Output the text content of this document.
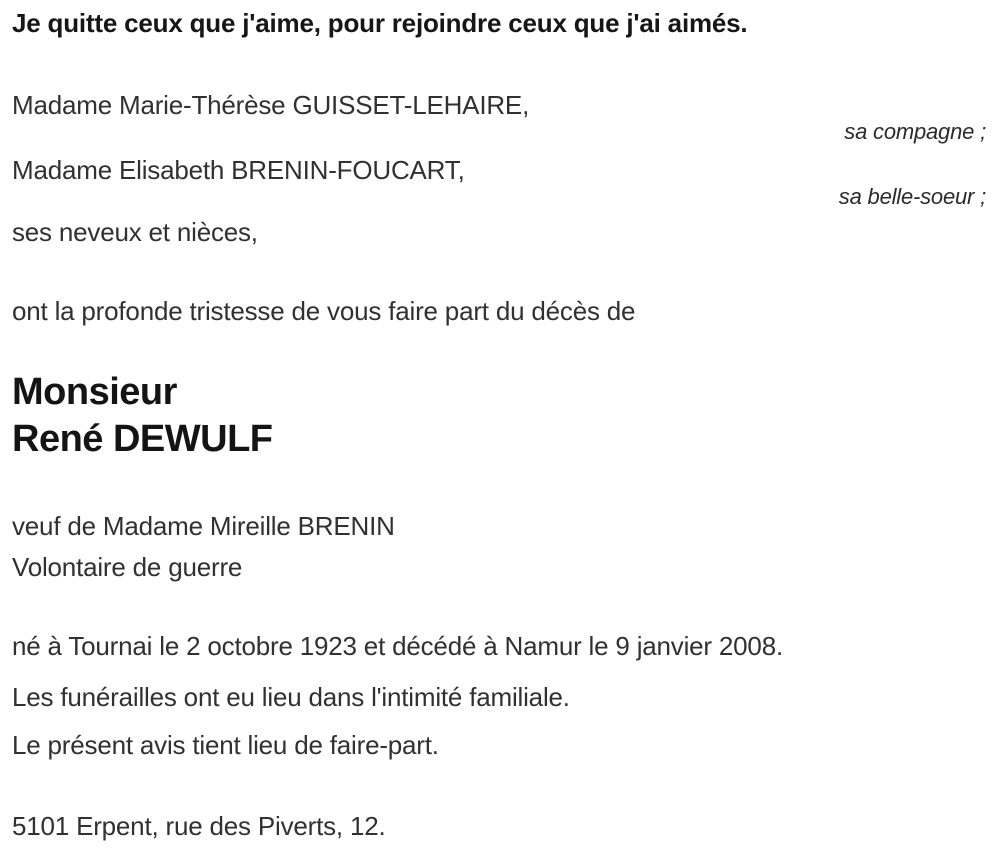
Je quitte ceux que j'aime, pour rejoindre ceux que j'ai aimés.
Madame Marie-Thérèse GUISSET-LEHAIRE,
sa compagne ;
Madame Elisabeth BRENIN-FOUCART,
sa belle-soeur ;
ses neveux et nièces,
ont la profonde tristesse de vous faire part du décès de
Monsieur
René DEWULF
veuf de Madame Mireille BRENIN
Volontaire de guerre
né à Tournai le 2 octobre 1923 et décédé à Namur le 9 janvier 2008.
Les funérailles ont eu lieu dans l'intimité familiale.
Le présent avis tient lieu de faire-part.
5101 Erpent, rue des Piverts, 12.
